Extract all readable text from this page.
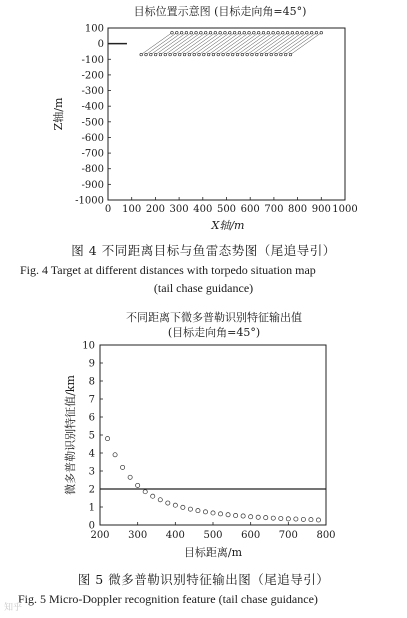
目标位置示意图 (目标走向角=45°)
0 100 200 300 400 500 600 700 800 900 1000
100
0
-100
-200
-300
-400
-500
-600
-700
-800
-900
-1000
X轴/m
Z轴/m
图 4 不同距离目标与鱼雷态势图（尾追导引）
Fig. 4 Target at different distances with torpedo situation map
(tail chase guidance)
不同距离下微多普勒识别特征输出值
(目标走向角=45°)
200 300 400 500 600 700 800
0
1
2
3
4
5
6
7
8
9
10
目标距离/m
微多普勒识别特征值/km
图 5 微多普勒识别特征输出图（尾追导引）
Fig. 5 Micro-Doppler recognition feature (tail chase guidance)
知乎
